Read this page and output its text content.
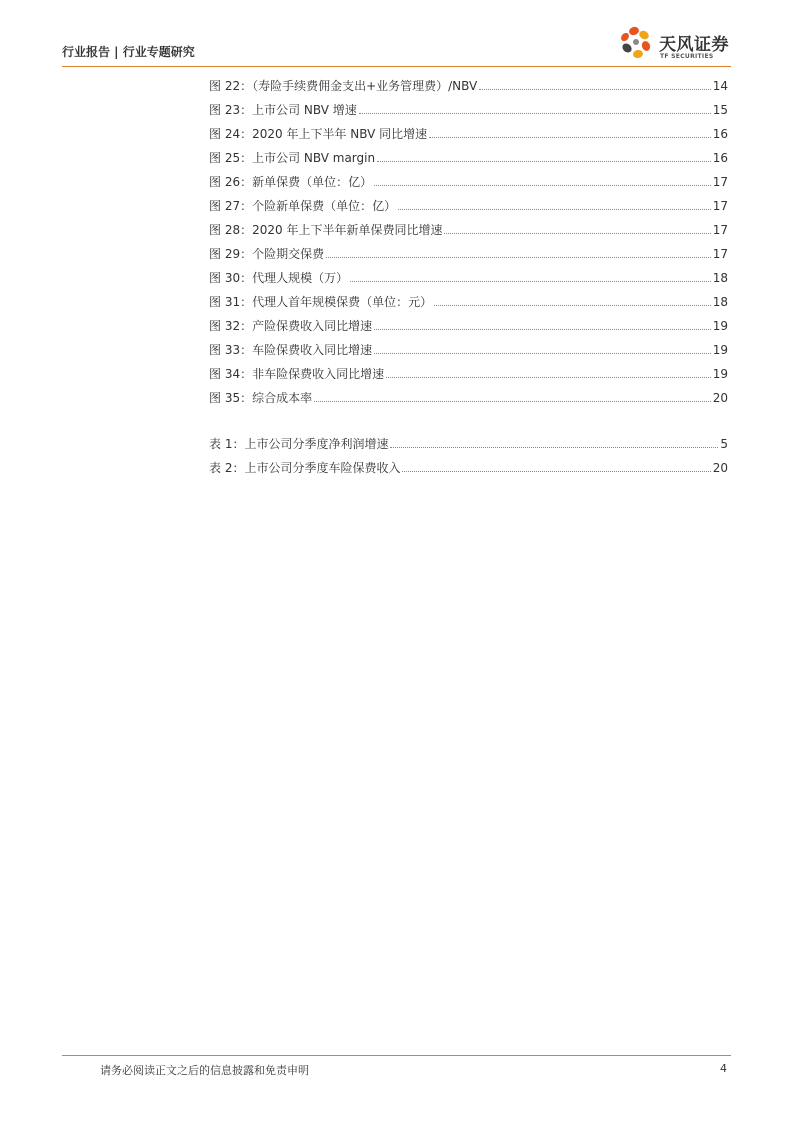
行业报告 | 行业专题研究	天风证券
TF SECURITIES
图 22：（寿险手续费佣金支出+业务管理费）/NBV	14
图 23：上市公司 NBV 增速	15
图 24：2020 年上下半年 NBV 同比增速	16
图 25：上市公司 NBV margin	16
图 26：新单保费（单位：亿）	17
图 27：个险新单保费（单位：亿）	17
图 28：2020 年上下半年新单保费同比增速	17
图 29：个险期交保费	17
图 30：代理人规模（万）	18
图 31：代理人首年规模保费（单位：元）	18
图 32：产险保费收入同比增速	19
图 33：车险保费收入同比增速	19
图 34：非车险保费收入同比增速	19
图 35：综合成本率	20
表 1：上市公司分季度净利润增速	5
表 2：上市公司分季度车险保费收入	20
请务必阅读正文之后的信息披露和免责申明	4
